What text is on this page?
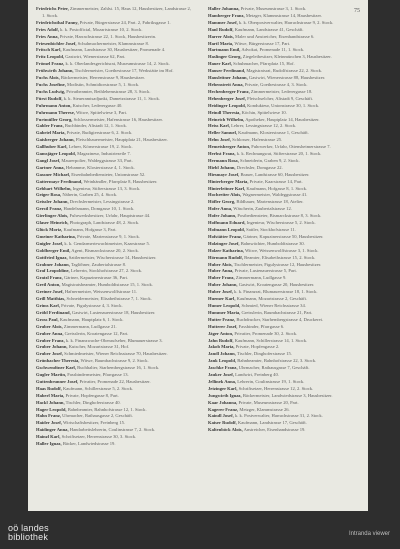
75

Friedrichs Peter, Zimmermeister, Zahlst. 15, Haus 12, Hausbesitzer, Landstrasse 2, 1. Stock.

Friedrichsthal Fanny, Private, Bürgerstrasse 24, Part. 2, Fabriksgasse 1.

Fries Adolf, k. k. Postofficial, Mozartstrasse 10, 2. Stock.

Fries Anna, Private, Harrachstrasse 22, 1. Stock, Hausbesitzerin.

Friesenbichler Josef, Schuhmachermeister, Klammstrasse 8.

Fritsch Karl, Kaufmann, Landstrasse 30, Hausbesitzer, Promenade 4.

Fritz Leopold, Gastwirt, Wienerstrasse 62, Part.

Frömel Franz, k. k. Oberlandesgerichtsrat, Museumstrasse 14, 2. Stock.

Frühwirth Johann, Tischlermeister, Goethestrasse 17, Werkstätte im Hof.

Fuchs Alois, Bäckermeister, Herrenstrasse 9, Hausbesitzer.

Fuchs Josefine, Modistin, Schmidtorstrasse 5, 1. Stock.

Fuchs Ludwig, Privatbeamter, Bethlehemstrasse 28, 3. Stock.

Fürst Rudolf, k. k. Steueramtsadjunkt, Dametzstrasse 11, 1. Stock.

Fuhrmann Anton, Kutscher, Lederergasse 40.

Fuhrmann Therese, Witwe, Spittelwiese 3, Part.

Furtmüller Georg, Schlossermeister, Hafenstrasse 16, Hausbesitzer.

Gabler Franz, Buchbinder, Altstadt 12, 1. Stock.

Gabriel Maria, Private, Rudigierstrasse 6, 2. Stock.

Gaisberger Johann, Fleischhauermeister, Hauptplatz 21, Hausbesitzer.

Gallhuber Karl, Lehrer, Körnerstrasse 19, 2. Stock.

Gamsjäger Leopold, Magazineur, Industriezeile 7.

Gangl Josef, Maurerpolier, Waldeggstrasse 33, Part.

Gartner Anna, Hebamme, Klosterstrasse 4, 1. Stock.

Gassner Michael, Eisenbahnbediensteter, Unionstrasse 52.

Gattermayr Ferdinand, Weinhändler, Pfarrplatz 8, Hausbesitzer.

Gebhart Wilhelm, Ingenieur, Stifterstrasse 13, 3. Stock.

Geiger Rosa, Näherin, Graben 25, 4. Stock.

Geissler Johann, Drechslermeister, Lessingstrasse 2.

Gerstl Franz, Handelsmann, Domgasse 10, 1. Stock.

Gierlinger Alois, Fuhrwerksbesitzer, Urfahr, Hauptstrasse 44.

Glaser Heinrich, Photograph, Landstrasse 48, 2. Stock.

Glück Moriz, Kaufmann, Hofgasse 3, Part.

Gmeiner Katharina, Private, Marienstrasse 9, 1. Stock.

Gnigler Josef, k. k. Gendarmeriewachtmeister, Kaarstrasse 5.

Goldberger Emil, Agent, Bismarckstrasse 20, 2. Stock.

Gottfried Ignaz, Sattlermeister, Wischerstrasse 14, Hausbesitzer.

Grabner Johann, Taglöhner, Zaubertalstrasse 8.

Graf Leopoldine, Lehrerin, Stockhofstrasse 27, 2. Stock.

Gratzl Franz, Gärtner, Kapuzinerstrasse 36, Part.

Greil Anton, Magistratsbeamter, Humboldtstrasse 15, 1. Stock.

Greiner Josef, Hafnermeister, Weissenwolffstrasse 11.

Grill Matthias, Schneidermeister, Elisabethstrasse 7, 1. Stock.

Grims Karl, Private, Figulystrasse 4, 3. Stock.

Gröbl Ferdinand, Gastwirt, Lustenauerstrasse 18, Hausbesitzer.

Gross Paul, Kaufmann, Hauptplatz 6, 1. Stock.

Gruber Alois, Zimmermann, Ludlgasse 21.

Gruber Anna, Greisslerin, Kroatengasse 12, Part.

Gruber Franz, k. k. Finanzwache-Oberaufseher, Blumauerstrasse 3.

Gruber Johann, Kutscher, Mozartstrasse 31, Hof.

Gruber Josef, Schmiedmeister, Wiener Reichsstrasse 70, Hausbesitzer.

Grünbacher Theresia, Witwe, Baumbachstrasse 9, 2. Stock.

Gschwendtner Karl, Buchhalter, Starhembergstrasse 16, 1. Stock.

Gugler Martin, Fassbindermeister, Pfarrgasse 13.

Guttenbrunner Josef, Privatier, Promenade 22, Hausbesitzer.

Haas Rudolf, Kaufmann, Schillerstrasse 5, 2. Stock.

Haberl Maria, Private, Hopfengasse 8, Part.

Hackl Johann, Tischler, Dinghoferstrasse 40.

Hager Leopold, Bahnbeamter, Bahnhofstrasse 12, 1. Stock.

Hahn Franz, Uhrmacher, Rathausgasse 2, Geschäft.

Haider Josef, Wirtschaftsbesitzer, Freinberg 15.

Haidinger Anna, Handarbeitslehrerin, Coulinstrasse 7, 2. Stock.

Hainzl Karl, Schriftsetzer, Herrenstrasse 30, 3. Stock.

Haller Ignaz, Bäcker, Landwiedstrasse 19.

Haller Johanna, Private, Museumstrasse 3, 1. Stock.

Hamberger Franz, Metzger, Klammstrasse 14, Hausbesitzer.

Hammer Josef, k. k. Oberpostverwalter, Harrachstrasse 9, 2. Stock.

Hanl Rudolf, Kaufmann, Landstrasse 41, Geschäft.

Harrer Alois, Maler und Anstreicher, Eisenhandstrasse 6.

Hartl Maria, Witwe, Bürgerstrasse 17, Part.

Hartmann Emil, Advokat, Promenade 11, 1. Stock.

Haslinger Georg, Ziegeleibesitzer, Kleinmünchen 3, Hausbesitzer.

Hauer Karl, Schuhmacher, Pfarrplatz 15, Hof.

Hauser Ferdinand, Magistratsrat, Rudolfstrasse 22, 2. Stock.

Hausleitner Johann, Gastwirt, Wienerstrasse 88, Hausbesitzer.

Hebenstreit Anna, Private, Goethestrasse 4, 3. Stock.

Hechenberger Franz, Zimmermeister, Lederergasse 18.

Hehenberger Josef, Fleischselcher, Altstadt 9, Geschäft.

Heidinger Leopold, Kondukteur, Unionstrasse 30, 1. Stock.

Heindl Theresia, Köchin, Spittelwiese 10.

Heinrich Wilhelm, Apotheker, Hauptplatz 14, Hausbesitzer.

Heiss Karl, Lehrer, Lessingstrasse 12, 2. Stock.

Heller Samuel, Kaufmann, Klosterstrasse 1, Geschäft.

Helm Josef, Schlosser, Hafenstrasse 25.

Hemetsberger Anton, Fuhrwerker, Urfahr, Ottensheimerstrasse 7.

Herbst Franz, k. k. Rechnungsrat, Stifterstrasse 20, 1. Stock.

Hermann Rosa, Schneiderin, Graben 9, 2. Stock.

Hiebl Johann, Drechsler, Domgasse 22.

Hiesmayr Josef, Brauer, Landstrasse 60, Hausbesitzer.

Hinterberger Maria, Private, Kaarstrasse 14, Part.

Hinterleitner Karl, Kaufmann, Hofgasse 8, 1. Stock.

Hochreiter Alois, Wagnermeister, Waldeggstrasse 41.

Höfler Georg, Bildhauer, Marienstrasse 18, Atelier.

Hofer Anna, Wäscherin, Zaubertalstrasse 12.

Hofer Johann, Postbediensteter, Bismarckstrasse 8, 3. Stock.

Hoffmann Eduard, Ingenieur, Wischerstrasse 5, 2. Stock.

Hofmann Leopold, Sattler, Stockhofstrasse 11.

Hofstätter Franz, Gärtner, Kapuzinerstrasse 50, Hausbesitzer.

Holzinger Josef, Bahnwächter, Humboldtstrasse 30.

Holzer Katharina, Witwe, Weissenwolffstrasse 3, 1. Stock.

Hörmann Rudolf, Beamter, Elisabethstrasse 15, 2. Stock.

Huber Alois, Tischlermeister, Figulystrasse 12, Hausbesitzer.

Huber Anna, Private, Lustenauerstrasse 5, Part.

Huber Franz, Zimmermann, Ludlgasse 9.

Huber Johann, Gastwirt, Kroatengasse 20, Hausbesitzer.

Huber Josef, k. k. Finanzrat, Blumauerstrasse 18, 1. Stock.

Huemer Karl, Kaufmann, Mozartstrasse 2, Geschäft.

Humer Leopold, Schmied, Wiener Reichsstrasse 34.

Hummer Maria, Greisslerin, Baumbachstrasse 21, Part.

Hutter Franz, Buchdrucker, Starhembergstrasse 4, Druckerei.

Hutterer Josef, Fassbinder, Pfarrgasse 6.

Jäger Anton, Privatier, Promenade 30, 2. Stock.

Jahn Rudolf, Kaufmann, Schillerstrasse 14, 1. Stock.

Jakob Maria, Private, Hopfengasse 2.

Jandl Johann, Tischler, Dinghoferstrasse 15.

Jank Leopold, Bahnbeamter, Bahnhofstrasse 22, 3. Stock.

Jaschke Franz, Uhrmacher, Rathausgasse 7, Geschäft.

Jauker Josef, Landwirt, Freinberg 40.

Jellinek Anna, Lehrerin, Coulinstrasse 19, 1. Stock.

Jetzinger Karl, Schriftsetzer, Herrenstrasse 12, 2. Stock.

Jungwirth Ignaz, Bäckermeister, Landwiedstrasse 3, Hausbesitzer.

Kaar Johanna, Private, Museumstrasse 20, Part.

Kagerer Franz, Metzger, Klammstrasse 26.

Kaindl Josef, k. k. Postverwalter, Harrachstrasse 31, 2. Stock.

Kaiser Rudolf, Kaufmann, Landstrasse 17, Geschäft.

Kaltenböck Alois, Anstreicher, Eisenhandstrasse 19.

oö landes
bibliothek	Intranda viewer
